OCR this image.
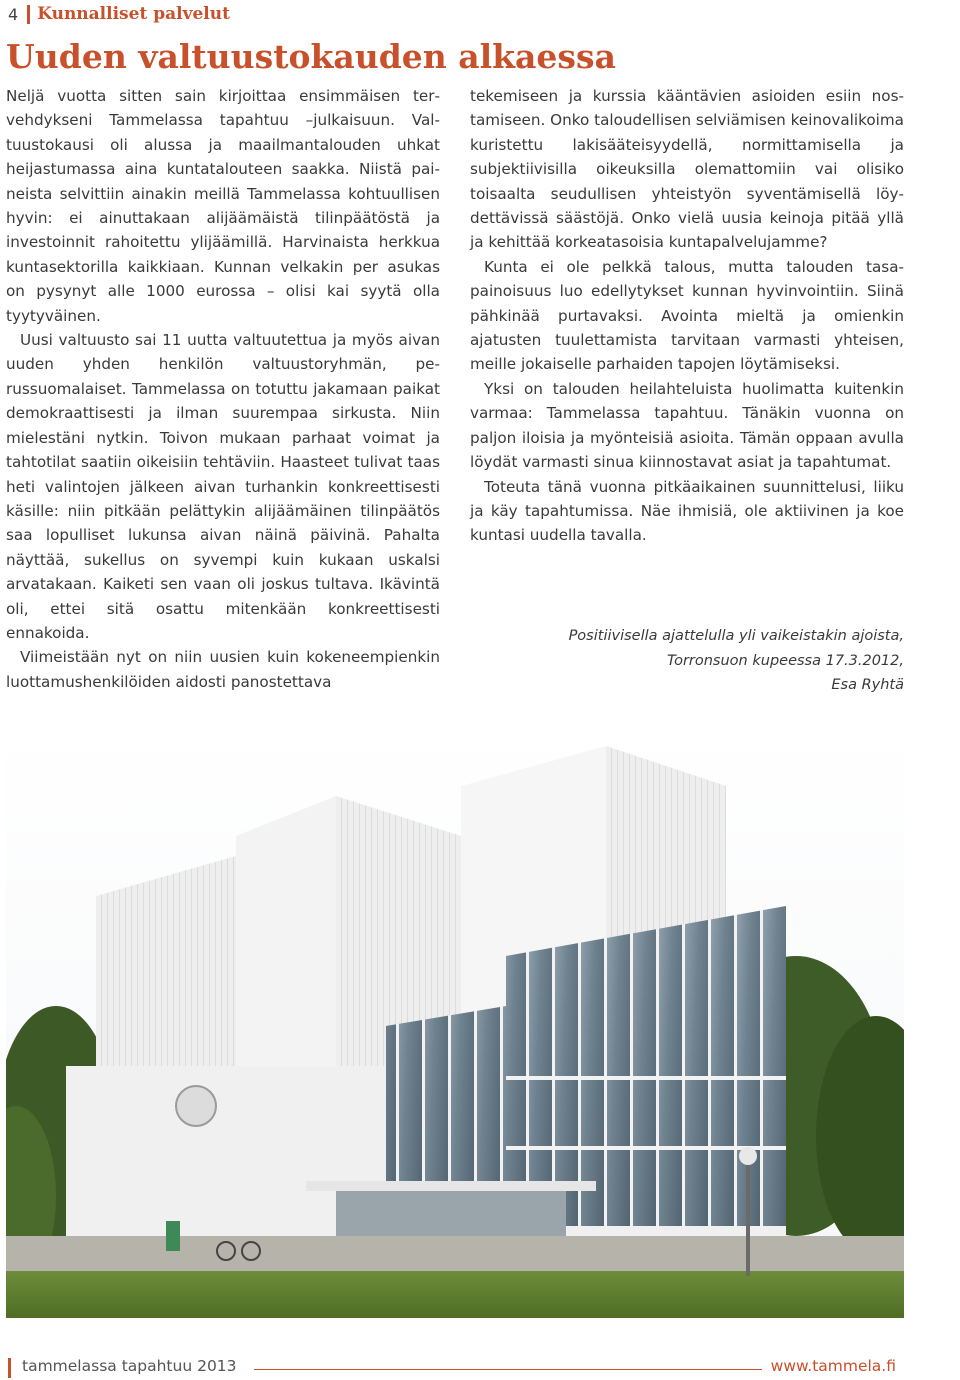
4 Kunnalliset palvelut
Uuden valtuustokauden alkaessa

Neljä vuotta sitten sain kirjoittaa ensimmäisen tervehdykseni Tammelassa tapahtuu –julkaisuun. Valtuustokausi oli alussa ja maailmantalouden uhkat heijastumassa aina kuntatalouteen saakka. Niistä paineista selvittiin ainakin meillä Tammelassa kohtuullisen hyvin: ei ainuttakaan alijäämäistä tilinpäätöstä ja investoinnit rahoitettu ylijäämillä. Harvinaista herkkua kuntasektorilla kaikkiaan. Kunnan velkakin per asukas on pysynyt alle 1000 eurossa – olisi kai syytä olla tyytyväinen.

Uusi valtuusto sai 11 uutta valtuutettua ja myös aivan uuden yhden henkilön valtuustoryhmän, perussuomalaiset. Tammelassa on totuttu jakamaan paikat demokraattisesti ja ilman suurempaa sirkusta. Niin mielestäni nytkin. Toivon mukaan parhaat voimat ja tahtotilat saatiin oikeisiin tehtäviin. Haasteet tulivat taas heti valintojen jälkeen aivan turhankin konkreettisesti käsille: niin pitkään pelättykin alijäämäinen tilinpäätös saa lopulliset lukunsa aivan näinä päivinä. Pahalta näyttää, sukellus on syvempi kuin kukaan uskalsi arvatakaan. Kaiketi sen vaan oli joskus tultava. Ikävintä oli, ettei sitä osattu mitenkään konkreettisesti ennakoida.

Viimeistään nyt on niin uusien kuin kokeneempienkin luottamushenkilöiden aidosti panostettava

tekemiseen ja kurssia kääntävien asioiden esiin nostamiseen. Onko taloudellisen selviämisen keinovalikoima kuristettu lakisääteisyydellä, normittamisella ja subjektiivisilla oikeuksilla olemattomiin vai olisiko toisaalta seudullisen yhteistyön syventämisellä löydettävissä säästöjä. Onko vielä uusia keinoja pitää yllä ja kehittää korkeatasoisia kuntapalvelujamme?

Kunta ei ole pelkkä talous, mutta talouden tasapainoisuus luo edellytykset kunnan hyvinvointiin. Siinä pähkinää purtavaksi. Avointa mieltä ja omienkin ajatusten tuulettamista tarvitaan varmasti yhteisen, meille jokaiselle parhaiden tapojen löytämiseksi.

Yksi on talouden heilahteluista huolimatta kuitenkin varmaa: Tammelassa tapahtuu. Tänäkin vuonna on paljon iloisia ja myönteisiä asioita. Tämän oppaan avulla löydät varmasti sinua kiinnostavat asiat ja tapahtumat.

Toteuta tänä vuonna pitkäaikainen suunnittelusi, liiku ja käy tapahtumissa. Näe ihmisiä, ole aktiivinen ja koe kuntasi uudella tavalla.

Positiivisella ajattelulla yli vaikeistakin ajoista,
Torronsuon kupeessa 17.3.2012,
Esa Ryhtä
tammelassa tapahtuu 2013	www.tammela.fi
